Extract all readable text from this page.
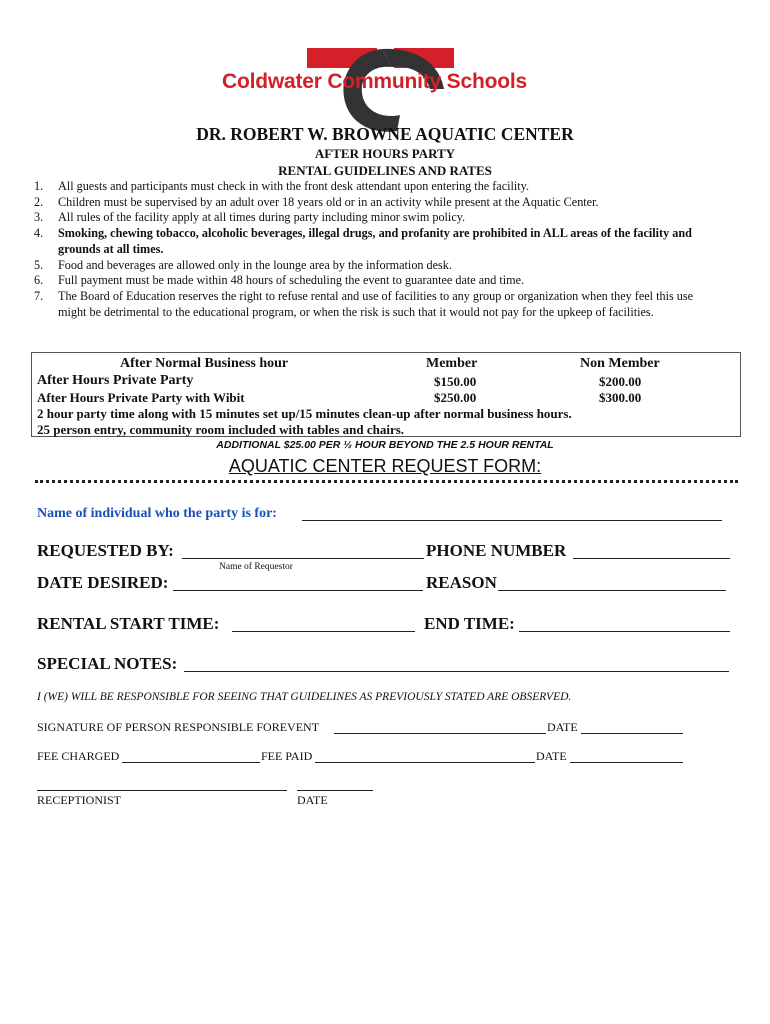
Coldwater Community Schools
DR. ROBERT W. BROWNE AQUATIC CENTER
AFTER HOURS PARTY
RENTAL GUIDELINES AND RATES
1. All guests and participants must check in with the front desk attendant upon entering the facility.
2. Children must be supervised by an adult over 18 years old or in an activity while present at the Aquatic Center.
3. All rules of the facility apply at all times during party including minor swim policy.
4. Smoking, chewing tobacco, alcoholic beverages, illegal drugs, and profanity are prohibited in ALL areas of the facility and grounds at all times.
5. Food and beverages are allowed only in the lounge area by the information desk.
6. Full payment must be made within 48 hours of scheduling the event to guarantee date and time.
7. The Board of Education reserves the right to refuse rental and use of facilities to any group or organization when they feel this use might be detrimental to the educational program, or when the risk is such that it would not pay for the upkeep of facilities.
After Normal Business hour	Member	Non Member
After Hours Private Party	$150.00	$200.00
After Hours Private Party with Wibit	$250.00	$300.00
2 hour party time along with 15 minutes set up/15 minutes clean-up after normal business hours.
25 person entry, community room included with tables and chairs.
ADDITIONAL $25.00 PER ½ HOUR BEYOND THE 2.5 HOUR RENTAL
AQUATIC CENTER REQUEST FORM:
Name of individual who the party is for:
REQUESTED BY:
Name of Requestor
PHONE NUMBER
DATE DESIRED:	REASON
RENTAL START TIME:	END TIME:
SPECIAL NOTES:
I (WE) WILL BE RESPONSIBLE FOR SEEING THAT GUIDELINES AS PREVIOUSLY STATED ARE OBSERVED.
SIGNATURE OF PERSON RESPONSIBLE FOREVENT	DATE
FEE CHARGED	FEE PAID	DATE
RECEPTIONIST	DATE
